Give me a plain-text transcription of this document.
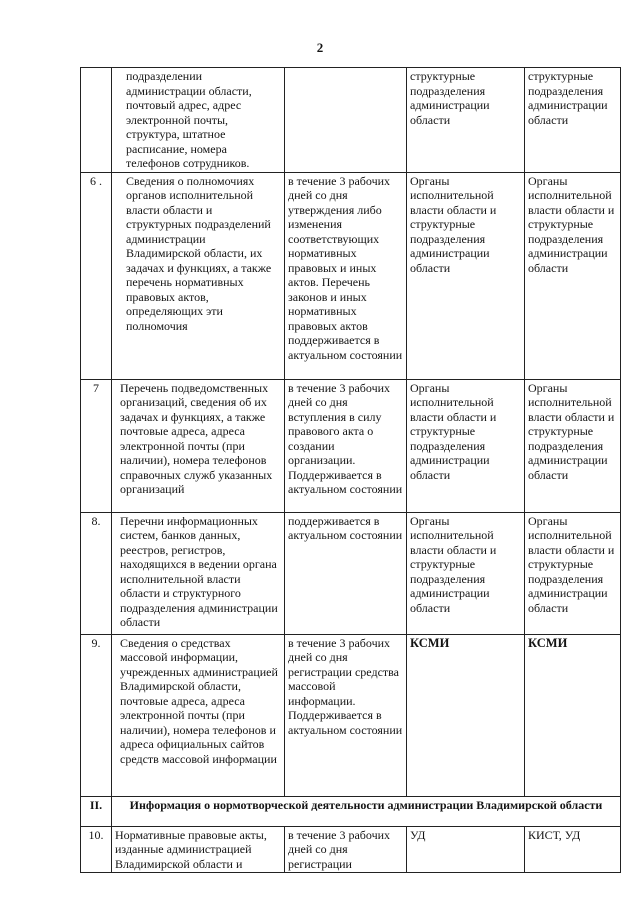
2
	подразделении администрации области, почтовый адрес, адрес электронной почты, структура, штатное расписание, номера телефонов сотрудников.		структурные подразделения администрации области	структурные подразделения администрации области
6 .	Сведения о полномочиях органов исполнительной власти области и структурных подразделений администрации Владимирской области, их задачах и функциях, а также перечень нормативных правовых актов, определяющих эти полномочия	в течение 3 рабочих дней со дня утверждения либо изменения соответствующих нормативных правовых и иных актов. Перечень законов и иных нормативных правовых актов поддерживается в актуальном состоянии	Органы исполнительной власти области и структурные подразделения администрации области	Органы исполнительной власти области и структурные подразделения администрации области
7	Перечень подведомственных организаций, сведения об их задачах и функциях, а также почтовые адреса, адреса электронной почты (при наличии), номера телефонов справочных служб указанных организаций	в течение 3 рабочих дней со дня вступления в силу правового акта о создании организации. Поддерживается в актуальном состоянии	Органы исполнительной власти области и структурные подразделения администрации области	Органы исполнительной власти области и структурные подразделения администрации области
8.	Перечни информационных систем, банков данных, реестров, регистров, находящихся в ведении органа исполнительной власти области и структурного подразделения администрации области	поддерживается в актуальном состоянии	Органы исполнительной власти области и структурные подразделения администрации области	Органы исполнительной власти области и структурные подразделения администрации области
9.	Сведения о средствах массовой информации, учрежденных администрацией Владимирской области, почтовые адреса, адреса электронной почты (при наличии), номера телефонов и адреса официальных сайтов средств массовой информации	в течение 3 рабочих дней со дня регистрации средства массовой информации. Поддерживается в актуальном состоянии	КСМИ	КСМИ
II.	Информация о нормотворческой деятельности администрации Владимирской области			
10.	Нормативные правовые акты, изданные администрацией Владимирской области и	в течение 3 рабочих дней со дня регистрации	УД	КИСТ, УД
